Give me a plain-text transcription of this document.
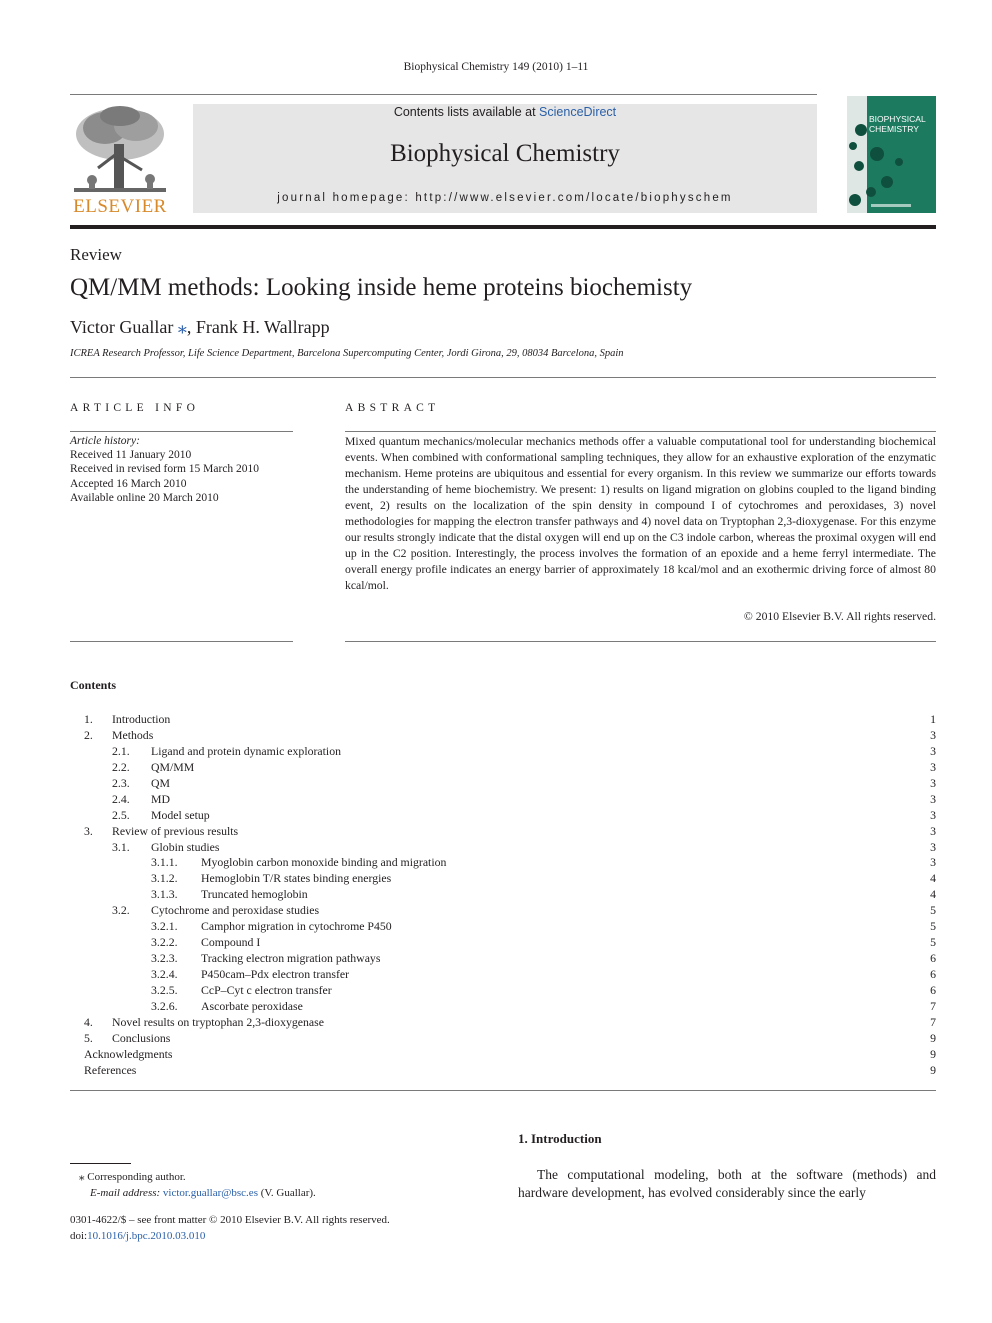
Biophysical Chemistry 149 (2010) 1–11
ELSEVIER
Contents lists available at ScienceDirect
Biophysical Chemistry
journal homepage: http://www.elsevier.com/locate/biophyschem
BIOPHYSICAL CHEMISTRY
Review
QM/MM methods: Looking inside heme proteins biochemisty
Victor Guallar ⁎, Frank H. Wallrapp
ICREA Research Professor, Life Science Department, Barcelona Supercomputing Center, Jordi Girona, 29, 08034 Barcelona, Spain
ARTICLE INFO	ABSTRACT
Article history:
Received 11 January 2010
Received in revised form 15 March 2010
Accepted 16 March 2010
Available online 20 March 2010
Mixed quantum mechanics/molecular mechanics methods offer a valuable computational tool for understanding biochemical events. When combined with conformational sampling techniques, they allow for an exhaustive exploration of the enzymatic mechanism. Heme proteins are ubiquitous and essential for every organism. In this review we summarize our efforts towards the understanding of heme biochemistry. We present: 1) results on ligand migration on globins coupled to the ligand binding event, 2) results on the localization of the spin density in compound I of cytochromes and peroxidases, 3) novel methodologies for mapping the electron transfer pathways and 4) novel data on Tryptophan 2,3-dioxygenase. For this enzyme our results strongly indicate that the distal oxygen will end up on the C3 indole carbon, whereas the proximal oxygen will end up in the C2 position. Interestingly, the process involves the formation of an epoxide and a heme ferryl intermediate. The overall energy profile indicates an energy barrier of approximately 18 kcal/mol and an exothermic driving force of almost 80 kcal/mol.
© 2010 Elsevier B.V. All rights reserved.
Contents
1. Introduction . . .	1
2. Methods . . .	3
2.1. Ligand and protein dynamic exploration . . .	3
2.2. QM/MM . . .	3
2.3. QM . . .	3
2.4. MD . . .	3
2.5. Model setup . . .	3
3. Review of previous results . . .	3
3.1. Globin studies . . .	3
3.1.1. Myoglobin carbon monoxide binding and migration . . .	3
3.1.2. Hemoglobin T/R states binding energies . . .	4
3.1.3. Truncated hemoglobin . . .	4
3.2. Cytochrome and peroxidase studies . . .	5
3.2.1. Camphor migration in cytochrome P450 . . .	5
3.2.2. Compound I . . .	5
3.2.3. Tracking electron migration pathways . . .	6
3.2.4. P450cam–Pdx electron transfer . . .	6
3.2.5. CcP–Cyt c electron transfer . . .	6
3.2.6. Ascorbate peroxidase . . .	7
4. Novel results on tryptophan 2,3-dioxygenase . . .	7
5. Conclusions . . .	9
Acknowledgments . . .	9
References . . .	9
1. Introduction
The computational modeling, both at the software (methods) and hardware development, has evolved considerably since the early
⁎ Corresponding author.
E-mail address: victor.guallar@bsc.es (V. Guallar).
0301-4622/$ – see front matter © 2010 Elsevier B.V. All rights reserved.
doi:10.1016/j.bpc.2010.03.010
